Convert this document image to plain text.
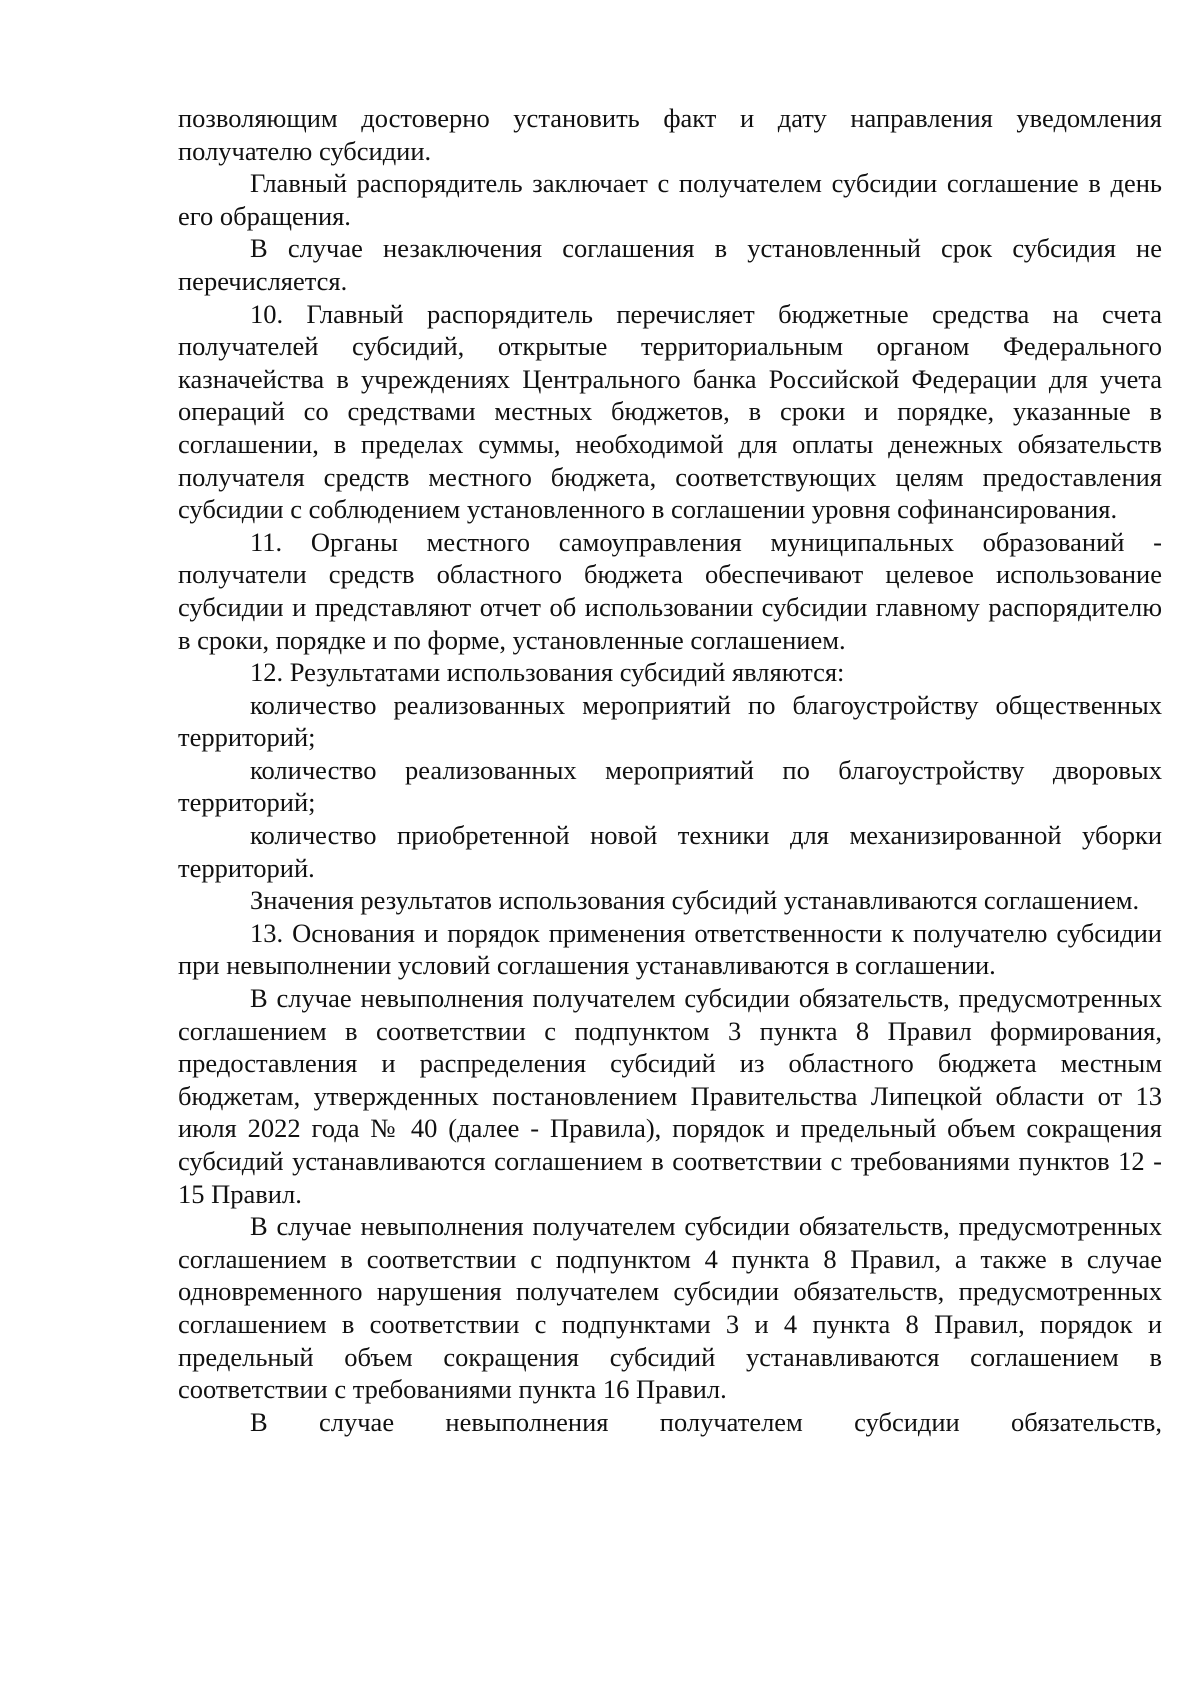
позволяющим достоверно установить факт и дату направления уведомления получателю субсидии.

Главный распорядитель заключает с получателем субсидии соглашение в день его обращения.

В случае незаключения соглашения в установленный срок субсидия не перечисляется.

10. Главный распорядитель перечисляет бюджетные средства на счета получателей субсидий, открытые территориальным органом Федерального казначейства в учреждениях Центрального банка Российской Федерации для учета операций со средствами местных бюджетов, в сроки и порядке, указанные в соглашении, в пределах суммы, необходимой для оплаты денежных обязательств получателя средств местного бюджета, соответствующих целям предоставления субсидии с соблюдением установленного в соглашении уровня софинансирования.

11. Органы местного самоуправления муниципальных образований - получатели средств областного бюджета обеспечивают целевое использование субсидии и представляют отчет об использовании субсидии главному распорядителю в сроки, порядке и по форме, установленные соглашением.

12. Результатами использования субсидий являются:

количество реализованных мероприятий по благоустройству общественных территорий;

количество реализованных мероприятий по благоустройству дворовых территорий;

количество приобретенной новой техники для механизированной уборки территорий.

Значения результатов использования субсидий устанавливаются соглашением.

13. Основания и порядок применения ответственности к получателю субсидии при невыполнении условий соглашения устанавливаются в соглашении.

В случае невыполнения получателем субсидии обязательств, предусмотренных соглашением в соответствии с подпунктом 3 пункта 8 Правил формирования, предоставления и распределения субсидий из областного бюджета местным бюджетам, утвержденных постановлением Правительства Липецкой области от 13 июля 2022 года № 40 (далее - Правила), порядок и предельный объем сокращения субсидий устанавливаются соглашением в соответствии с требованиями пунктов 12 - 15 Правил.

В случае невыполнения получателем субсидии обязательств, предусмотренных соглашением в соответствии с подпунктом 4 пункта 8 Правил, а также в случае одновременного нарушения получателем субсидии обязательств, предусмотренных соглашением в соответствии с подпунктами 3 и 4 пункта 8 Правил, порядок и предельный объем сокращения субсидий устанавливаются соглашением в соответствии с требованиями пункта 16 Правил.

В случае невыполнения получателем субсидии обязательств,
